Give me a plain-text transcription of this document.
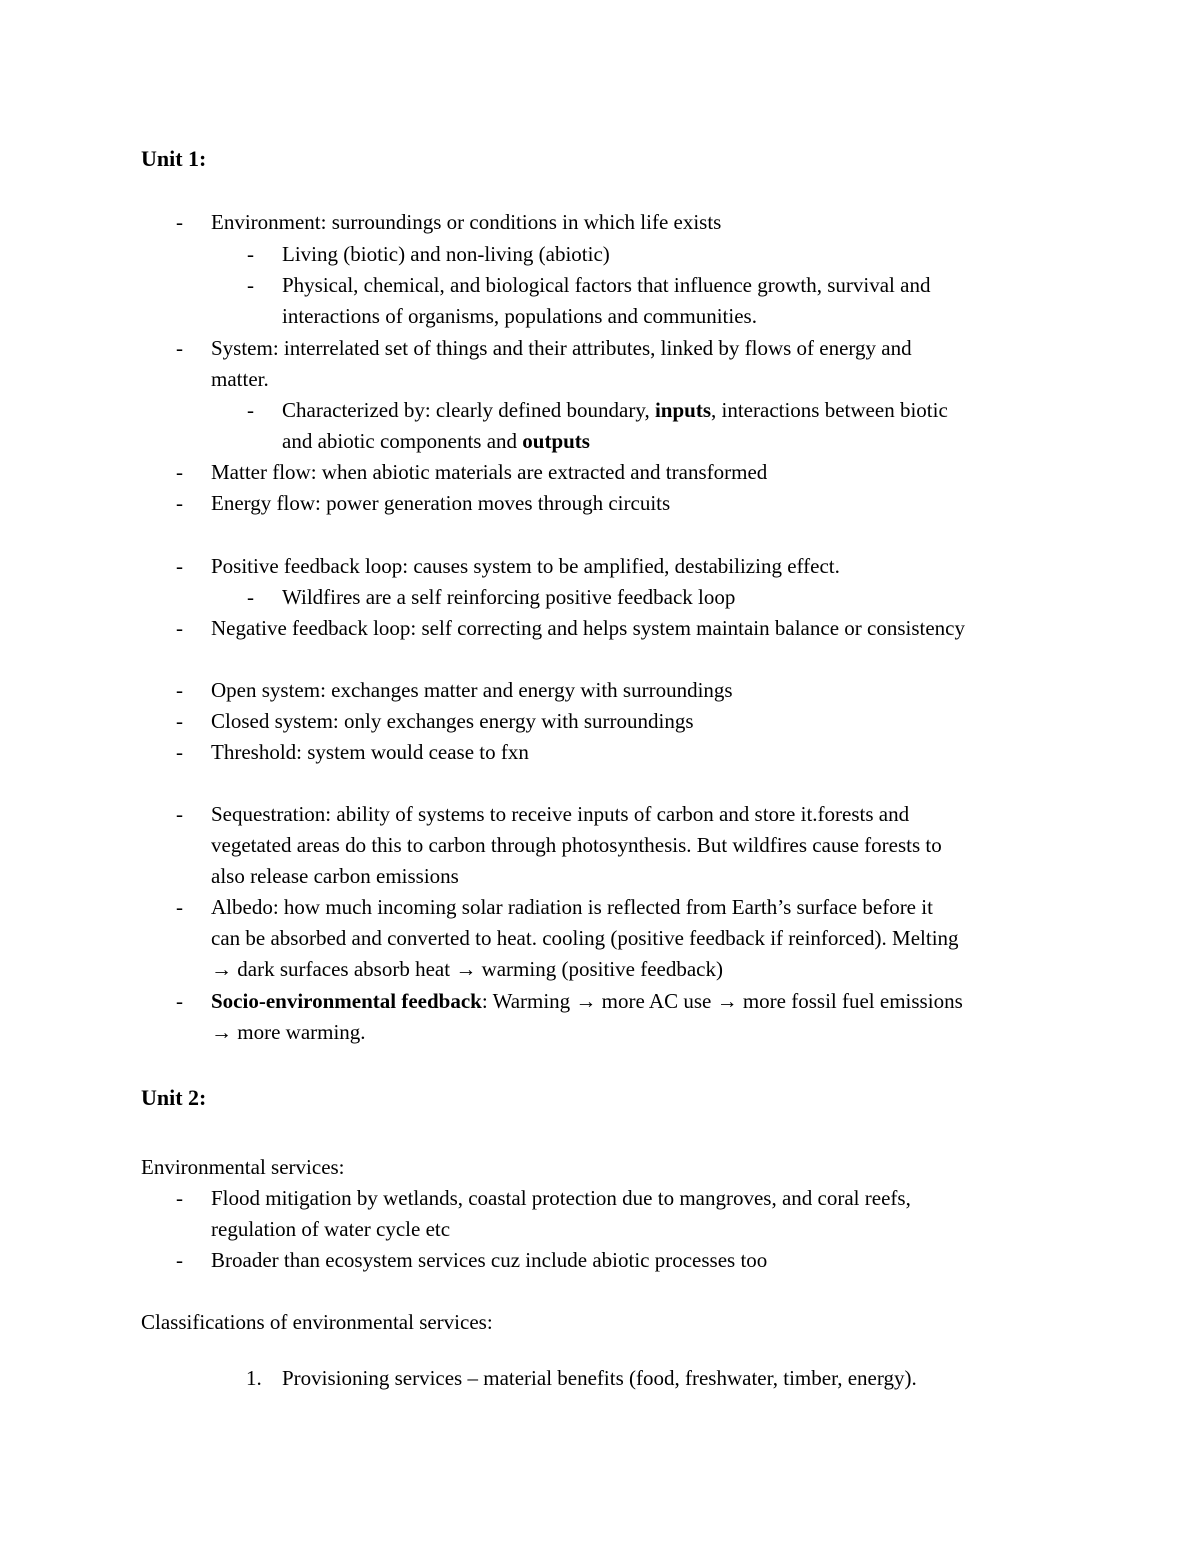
Unit 1:
- Environment: surroundings or conditions in which life exists
- Living (biotic) and non-living (abiotic)
- Physical, chemical, and biological factors that influence growth, survival and
interactions of organisms, populations and communities.
- System: interrelated set of things and their attributes, linked by flows of energy and
matter.
- Characterized by: clearly defined boundary, inputs, interactions between biotic
and abiotic components and outputs
- Matter flow: when abiotic materials are extracted and transformed
- Energy flow: power generation moves through circuits
- Positive feedback loop: causes system to be amplified, destabilizing effect.
- Wildfires are a self reinforcing positive feedback loop
- Negative feedback loop: self correcting and helps system maintain balance or consistency
- Open system: exchanges matter and energy with surroundings
- Closed system: only exchanges energy with surroundings
- Threshold: system would cease to fxn
- Sequestration: ability of systems to receive inputs of carbon and store it.forests and
vegetated areas do this to carbon through photosynthesis. But wildfires cause forests to
also release carbon emissions
- Albedo: how much incoming solar radiation is reflected from Earth’s surface before it
can be absorbed and converted to heat. cooling (positive feedback if reinforced). Melting
→ dark surfaces absorb heat → warming (positive feedback)
- Socio-environmental feedback: Warming → more AC use → more fossil fuel emissions
→ more warming.
Unit 2:
Environmental services:
- Flood mitigation by wetlands, coastal protection due to mangroves, and coral reefs,
regulation of water cycle etc
- Broader than ecosystem services cuz include abiotic processes too
Classifications of environmental services:
1. Provisioning services – material benefits (food, freshwater, timber, energy).
